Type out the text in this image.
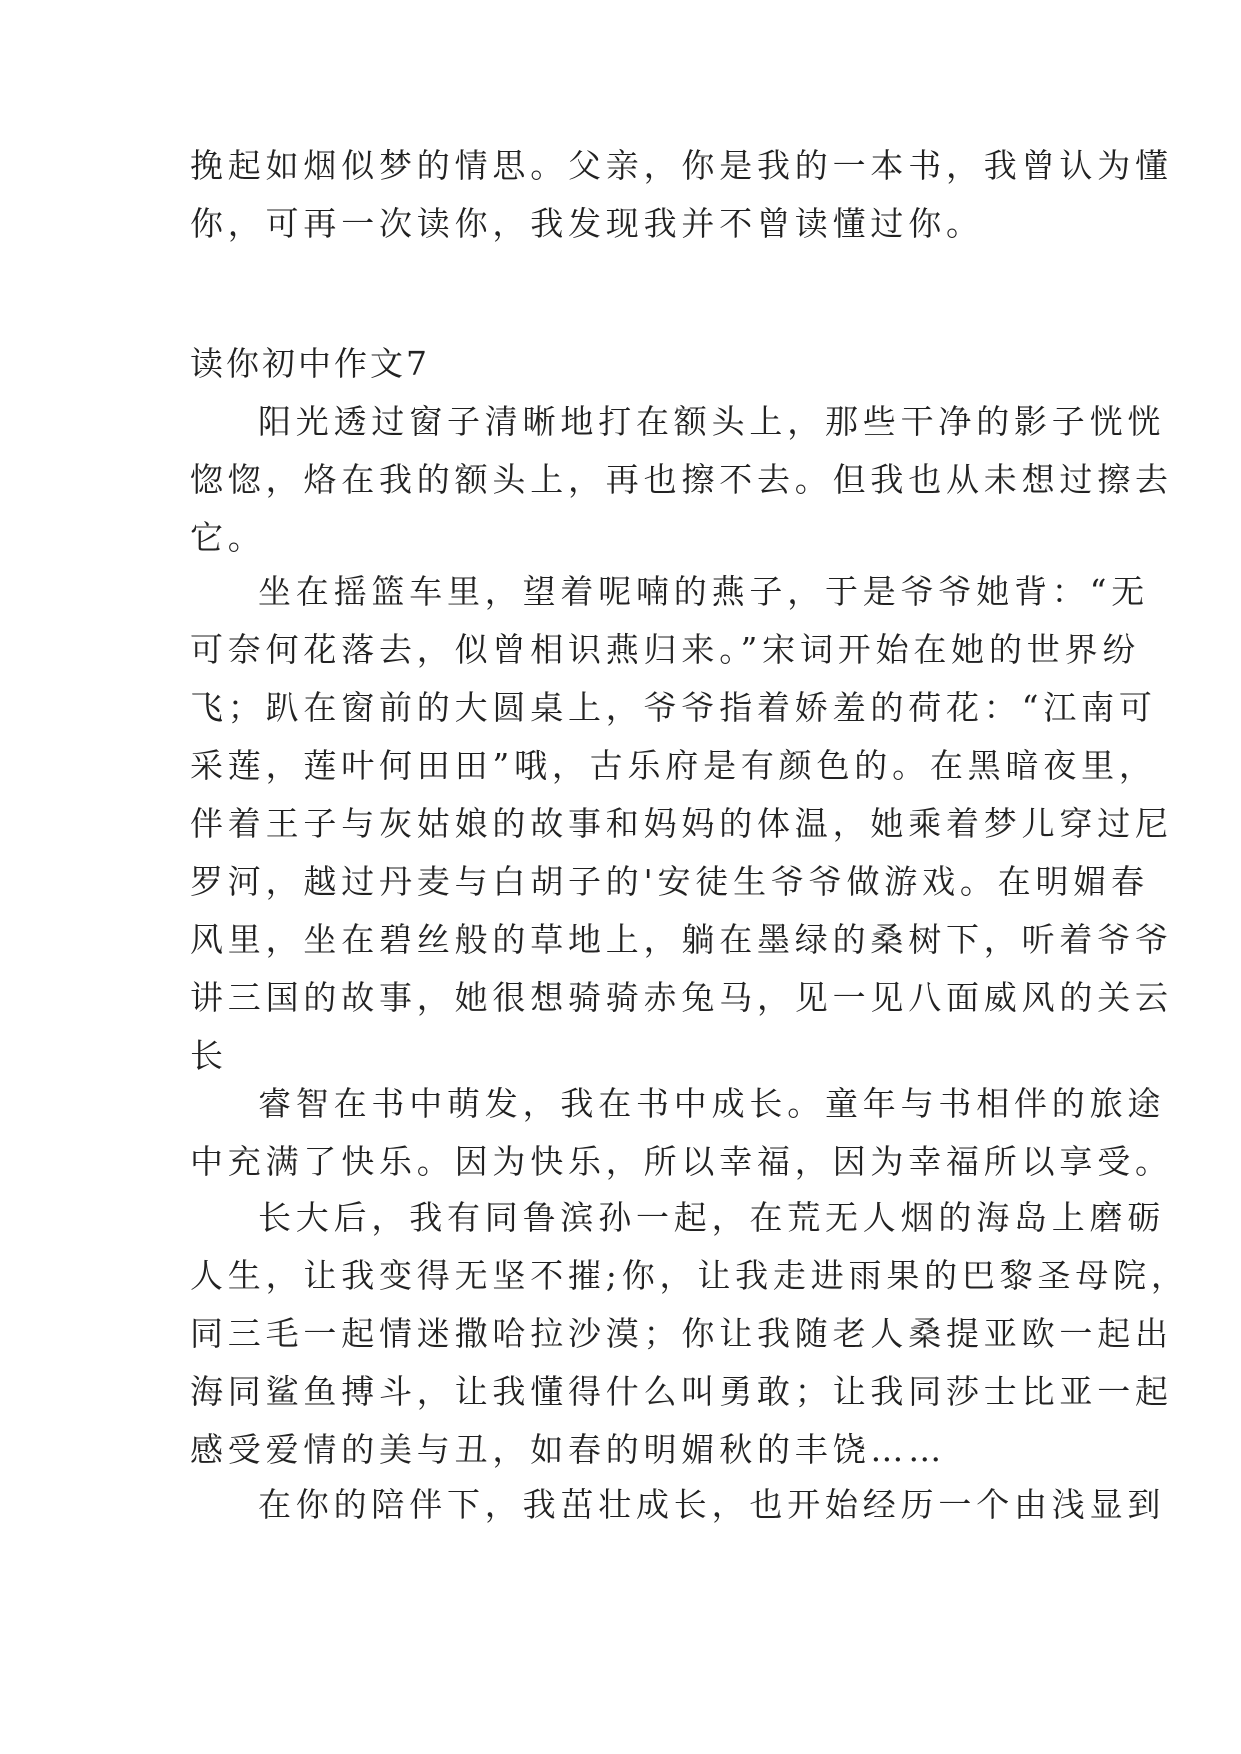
挽起如烟似梦的情思。父亲，你是我的一本书，我曾认为懂
你，可再一次读你，我发现我并不曾读懂过你。
读你初中作文7
阳光透过窗子清晰地打在额头上，那些干净的影子恍恍
惚惚，烙在我的额头上，再也擦不去。但我也从未想过擦去
它。
坐在摇篮车里，望着呢喃的燕子，于是爷爷她背：“无
可奈何花落去，似曾相识燕归来。”宋词开始在她的世界纷
飞；趴在窗前的大圆桌上，爷爷指着娇羞的荷花：“江南可
采莲，莲叶何田田”哦，古乐府是有颜色的。在黑暗夜里，
伴着王子与灰姑娘的故事和妈妈的体温，她乘着梦儿穿过尼
罗河，越过丹麦与白胡子的'安徒生爷爷做游戏。在明媚春
风里，坐在碧丝般的草地上，躺在墨绿的桑树下，听着爷爷
讲三国的故事，她很想骑骑赤兔马，见一见八面威风的关云
长
睿智在书中萌发，我在书中成长。童年与书相伴的旅途
中充满了快乐。因为快乐，所以幸福，因为幸福所以享受。
长大后，我有同鲁滨孙一起，在荒无人烟的海岛上磨砺
人生，让我变得无坚不摧;你，让我走进雨果的巴黎圣母院，
同三毛一起情迷撒哈拉沙漠；你让我随老人桑提亚欧一起出
海同鲨鱼搏斗，让我懂得什么叫勇敢；让我同莎士比亚一起
感受爱情的美与丑，如春的明媚秋的丰饶……
在你的陪伴下，我茁壮成长，也开始经历一个由浅显到
